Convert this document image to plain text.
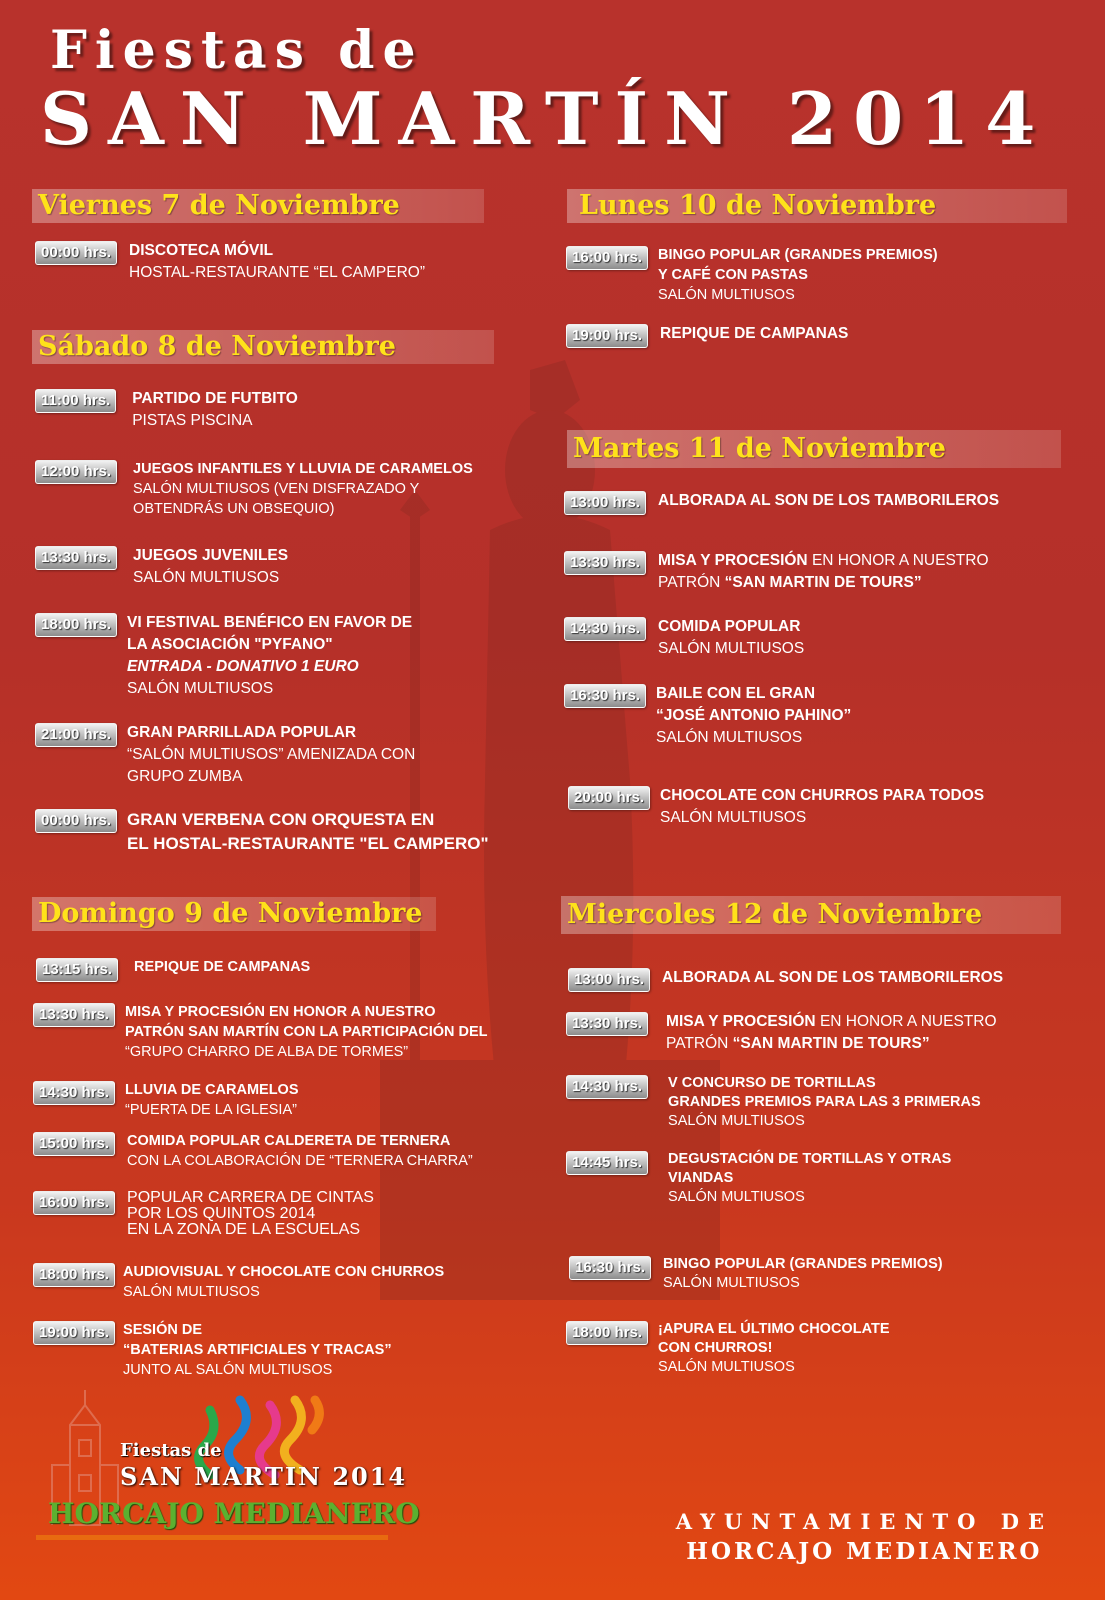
Fiestas de
SAN MARTÍN 2014
Viernes 7 de Noviembre
00:00 hrs.	DISCOTECA MÓVIL
HOSTAL-RESTAURANTE “EL CAMPERO”
Sábado 8 de Noviembre
11:00 hrs.	PARTIDO DE FUTBITO
PISTAS PISCINA
12:00 hrs.	JUEGOS INFANTILES Y LLUVIA DE CARAMELOS
SALÓN MULTIUSOS (VEN DISFRAZADO Y
OBTENDRÁS UN OBSEQUIO)
13:30 hrs.	JUEGOS JUVENILES
SALÓN MULTIUSOS
18:00 hrs.	VI FESTIVAL BENÉFICO EN FAVOR DE
LA ASOCIACIÓN "PYFANO"
ENTRADA - DONATIVO 1 EURO
SALÓN MULTIUSOS
21:00 hrs.	GRAN PARRILLADA POPULAR
“SALÓN MULTIUSOS” AMENIZADA CON
GRUPO ZUMBA
00:00 hrs. GRAN VERBENA CON ORQUESTA EN
EL HOSTAL-RESTAURANTE "EL CAMPERO"
Domingo 9 de Noviembre
13:15 hrs.	REPIQUE DE CAMPANAS
13:30 hrs.	MISA Y PROCESIÓN EN HONOR A NUESTRO
PATRÓN SAN MARTÍN CON LA PARTICIPACIÓN DEL
“GRUPO CHARRO DE ALBA DE TORMES”
14:30 hrs.	LLUVIA DE CARAMELOS
“PUERTA DE LA IGLESIA”
15:00 hrs.	COMIDA POPULAR CALDERETA DE TERNERA
CON LA COLABORACIÓN DE “TERNERA CHARRA”
16:00 hrs.	POPULAR CARRERA DE CINTAS
POR LOS QUINTOS 2014
EN LA ZONA DE LA ESCUELAS
18:00 hrs. AUDIOVISUAL Y CHOCOLATE CON CHURROS
SALÓN MULTIUSOS
19:00 hrs. SESIÓN DE
“BATERIAS ARTIFICIALES Y TRACAS”
JUNTO AL SALÓN MULTIUSOS
Lunes 10 de Noviembre
16:00 hrs.	BINGO POPULAR (GRANDES PREMIOS)
Y CAFÉ CON PASTAS
SALÓN MULTIUSOS
19:00 hrs.	REPIQUE DE CAMPANAS
Martes 11 de Noviembre
13:00 hrs.	ALBORADA AL SON DE LOS TAMBORILEROS
13:30 hrs.	MISA Y PROCESIÓN EN HONOR A NUESTRO
PATRÓN “SAN MARTIN DE TOURS”
14:30 hrs.	COMIDA POPULAR
SALÓN MULTIUSOS
16:30 hrs.	BAILE CON EL GRAN
“JOSÉ ANTONIO PAHINO”
SALÓN MULTIUSOS
20:00 hrs.	CHOCOLATE CON CHURROS PARA TODOS
SALÓN MULTIUSOS
Miercoles 12 de Noviembre
13:00 hrs.	ALBORADA AL SON DE LOS TAMBORILEROS
13:30 hrs.	MISA Y PROCESIÓN EN HONOR A NUESTRO
PATRÓN “SAN MARTIN DE TOURS”
14:30 hrs.	V CONCURSO DE TORTILLAS
GRANDES PREMIOS PARA LAS 3 PRIMERAS
SALÓN MULTIUSOS
14:45 hrs.	DEGUSTACIÓN DE TORTILLAS Y OTRAS
VIANDAS
SALÓN MULTIUSOS
16:30 hrs.	BINGO POPULAR (GRANDES PREMIOS)
SALÓN MULTIUSOS
18:00 hrs.	¡APURA EL ÚLTIMO CHOCOLATE
CON CHURROS!
SALÓN MULTIUSOS
Fiestas de
SAN MARTIN 2014
HORCAJO MEDIANERO	AYUNTAMIENTO DE
HORCAJO MEDIANERO
